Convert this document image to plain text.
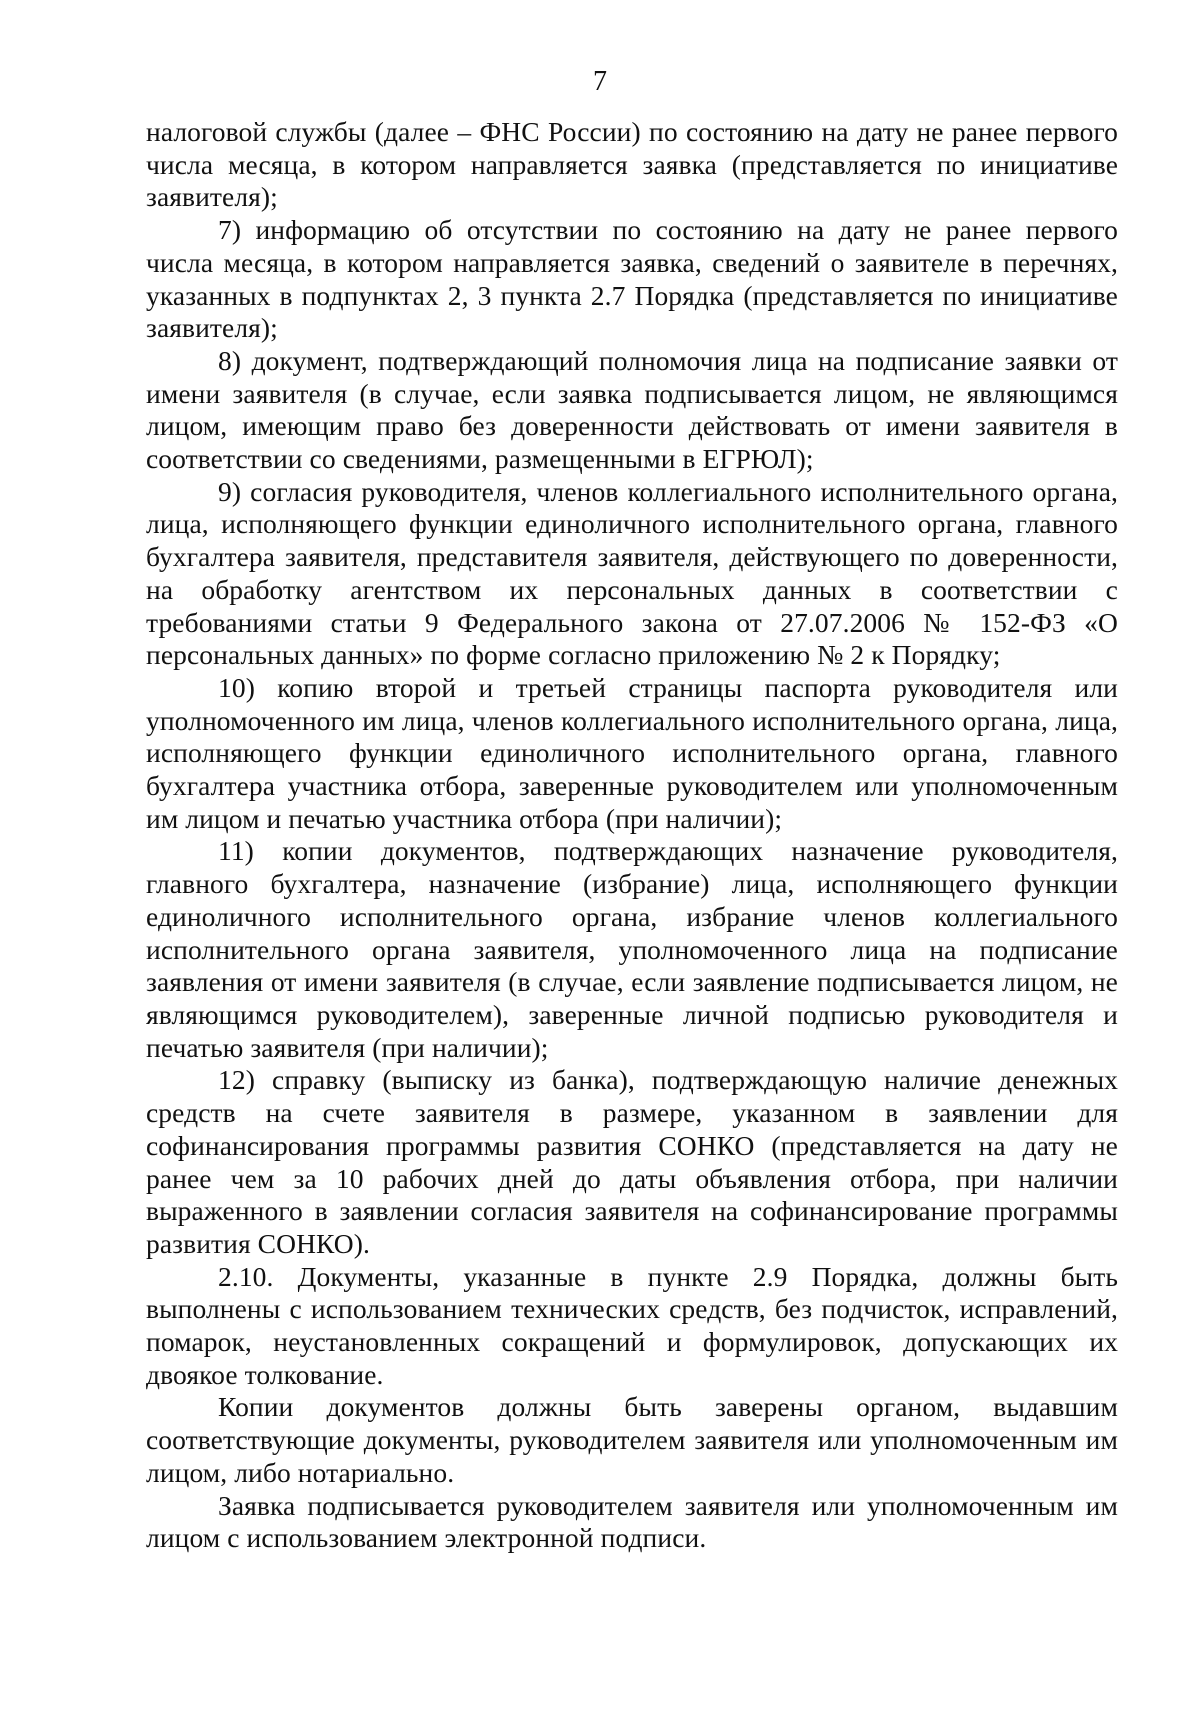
7

налоговой службы (далее – ФНС России) по состоянию на дату не ранее первого числа месяца, в котором направляется заявка (представляется по инициативе заявителя);

7) информацию об отсутствии по состоянию на дату не ранее первого числа месяца, в котором направляется заявка, сведений о заявителе в перечнях, указанных в подпунктах 2, 3 пункта 2.7 Порядка (представляется по инициативе заявителя);

8) документ, подтверждающий полномочия лица на подписание заявки от имени заявителя (в случае, если заявка подписывается лицом, не являющимся лицом, имеющим право без доверенности действовать от имени заявителя в соответствии со сведениями, размещенными в ЕГРЮЛ);

9) согласия руководителя, членов коллегиального исполнительного органа, лица, исполняющего функции единоличного исполнительного органа, главного бухгалтера заявителя, представителя заявителя, действующего по доверенности, на обработку агентством их персональных данных в соответствии с требованиями статьи 9 Федерального закона от 27.07.2006 № 152-ФЗ «О персональных данных» по форме согласно приложению № 2 к Порядку;

10) копию второй и третьей страницы паспорта руководителя или уполномоченного им лица, членов коллегиального исполнительного органа, лица, исполняющего функции единоличного исполнительного органа, главного бухгалтера участника отбора, заверенные руководителем или уполномоченным им лицом и печатью участника отбора (при наличии);

11) копии документов, подтверждающих назначение руководителя, главного бухгалтера, назначение (избрание) лица, исполняющего функции единоличного исполнительного органа, избрание членов коллегиального исполнительного органа заявителя, уполномоченного лица на подписание заявления от имени заявителя (в случае, если заявление подписывается лицом, не являющимся руководителем), заверенные личной подписью руководителя и печатью заявителя (при наличии);

12) справку (выписку из банка), подтверждающую наличие денежных средств на счете заявителя в размере, указанном в заявлении для софинансирования программы развития СОНКО (представляется на дату не ранее чем за 10 рабочих дней до даты объявления отбора, при наличии выраженного в заявлении согласия заявителя на софинансирование программы развития СОНКО).

2.10. Документы, указанные в пункте 2.9 Порядка, должны быть выполнены с использованием технических средств, без подчисток, исправлений, помарок, неустановленных сокращений и формулировок, допускающих их двоякое толкование.

Копии документов должны быть заверены органом, выдавшим соответствующие документы, руководителем заявителя или уполномоченным им лицом, либо нотариально.

Заявка подписывается руководителем заявителя или уполномоченным им лицом с использованием электронной подписи.
